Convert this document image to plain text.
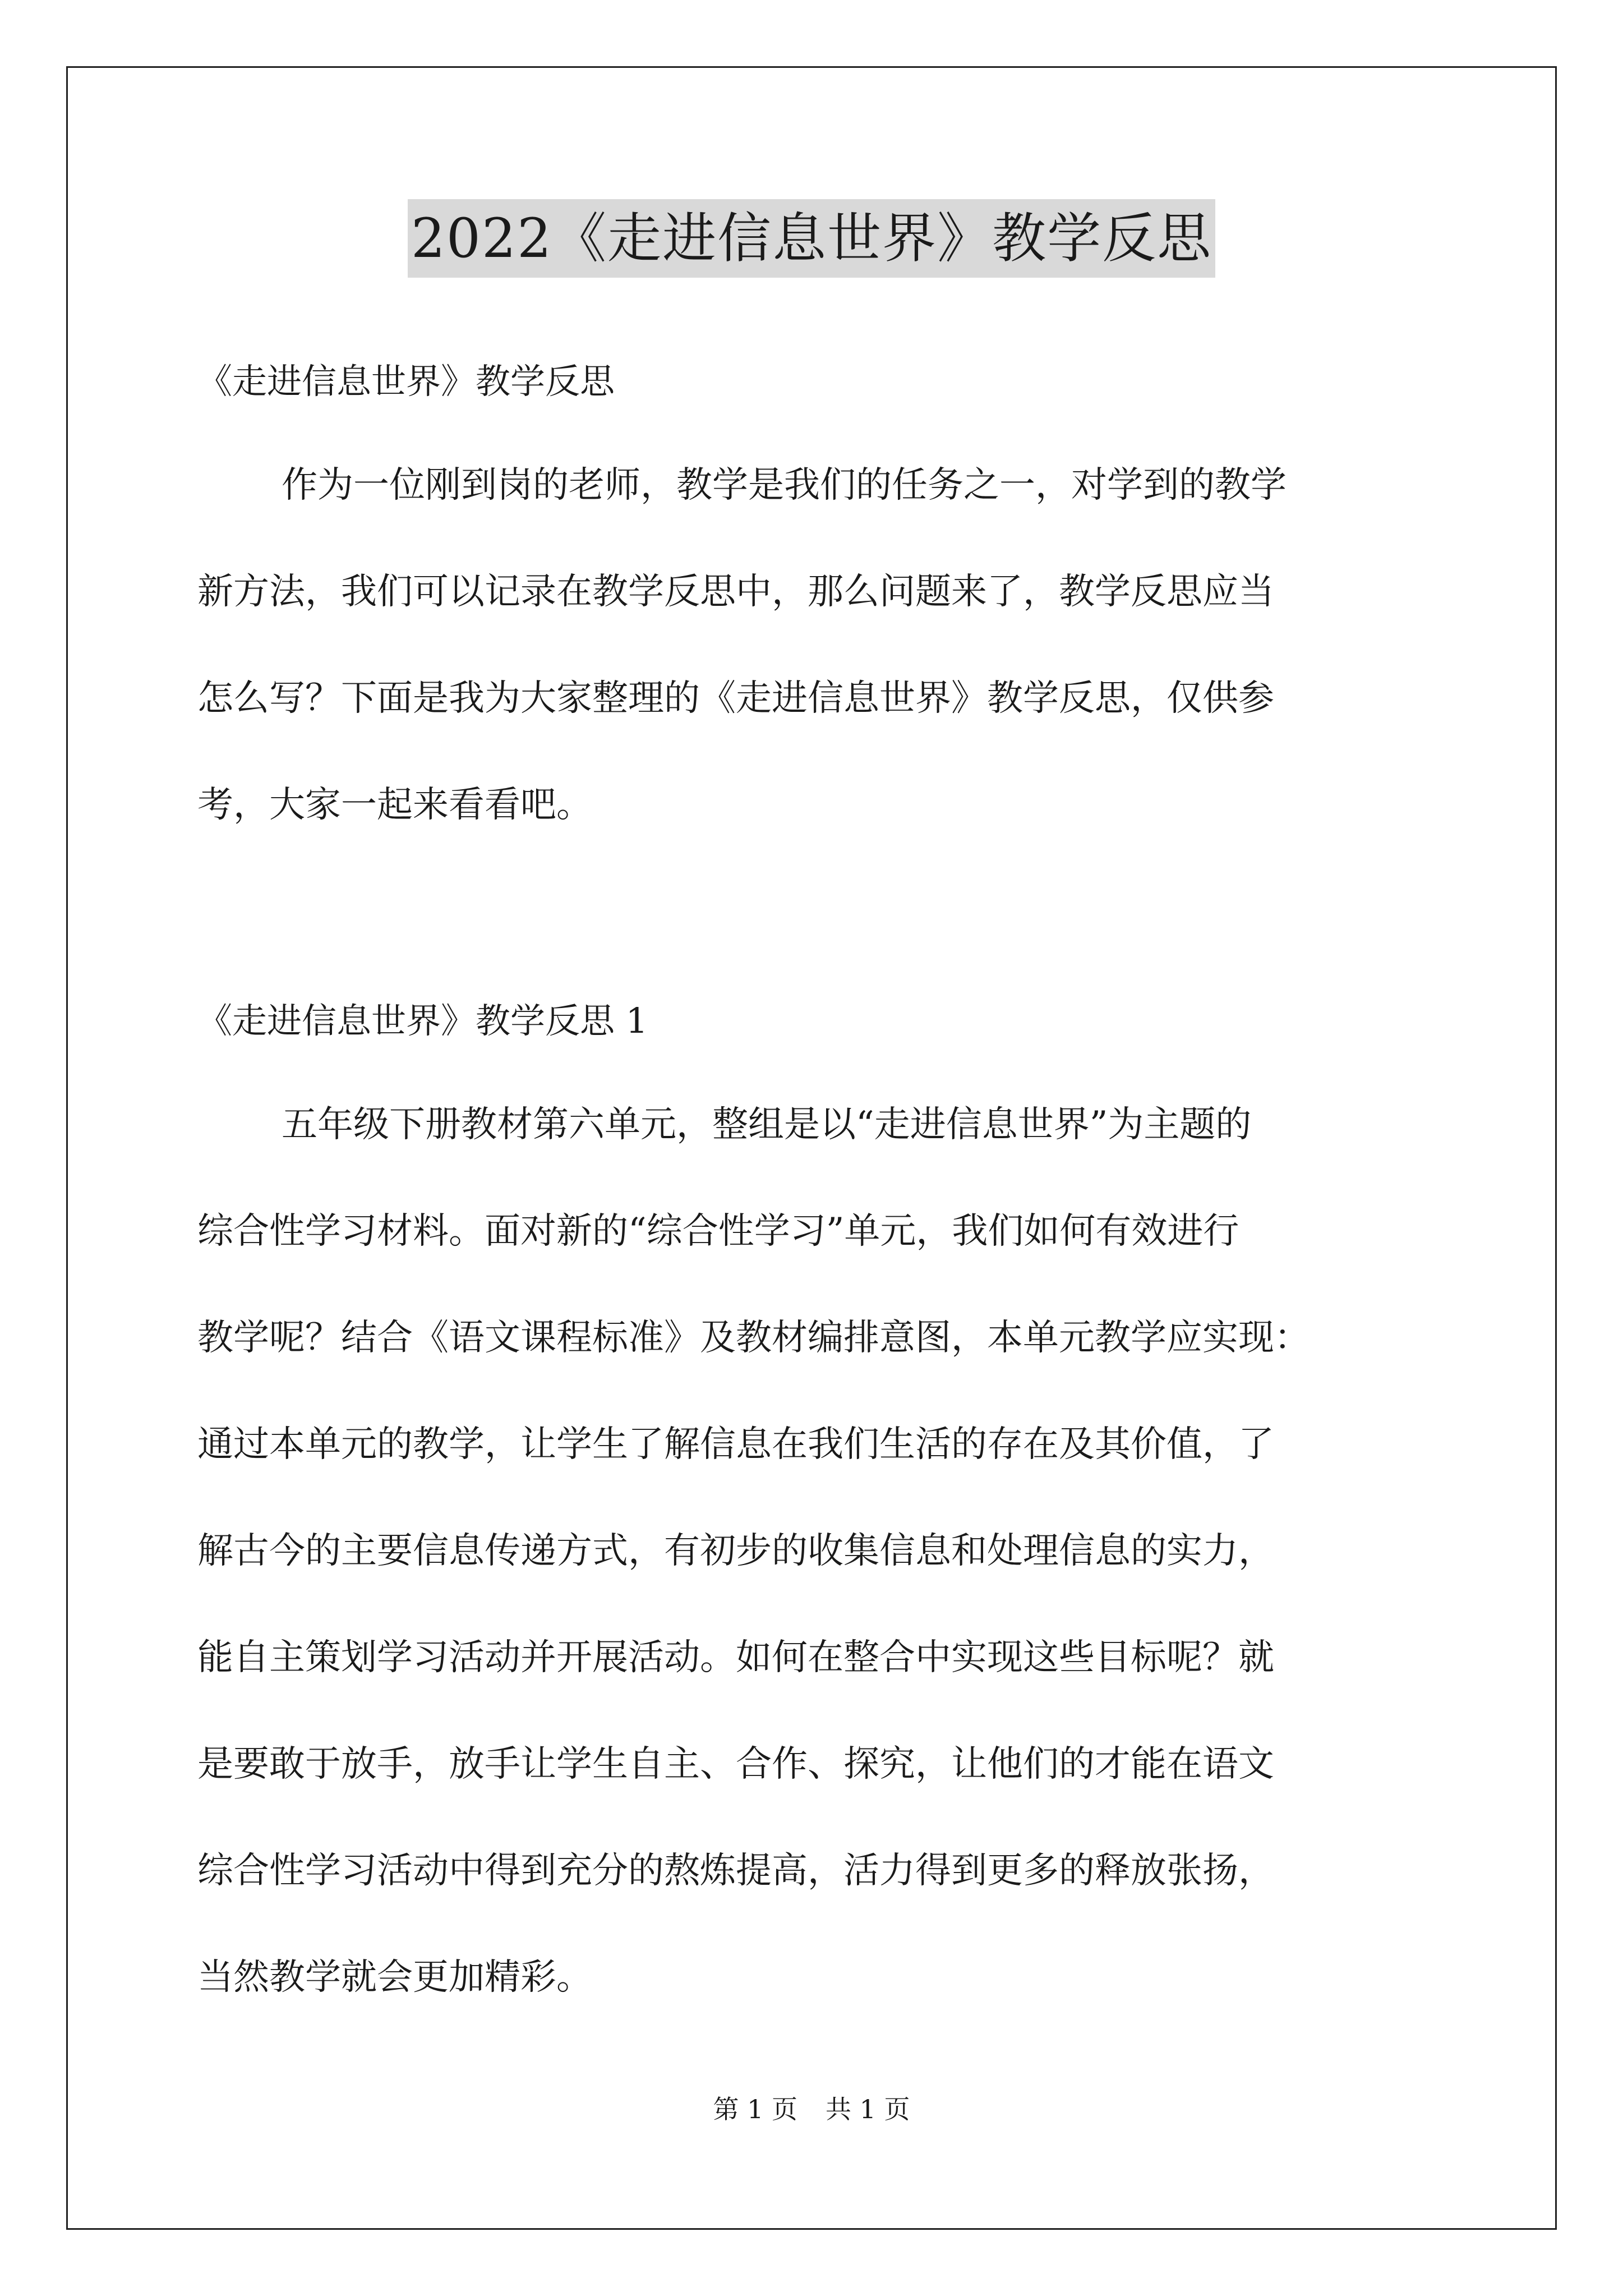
2022《走进信息世界》教学反思
《走进信息世界》教学反思
作为一位刚到岗的老师，教学是我们的任务之一，对学到的教学
新方法，我们可以记录在教学反思中，那么问题来了，教学反思应当
怎么写？下面是我为大家整理的《走进信息世界》教学反思，仅供参
考，大家一起来看看吧。
《走进信息世界》教学反思 1
五年级下册教材第六单元，整组是以“走进信息世界”为主题的
综合性学习材料。面对新的“综合性学习”单元，我们如何有效进行
教学呢？结合《语文课程标准》及教材编排意图，本单元教学应实现：
通过本单元的教学，让学生了解信息在我们生活的存在及其价值，了
解古今的主要信息传递方式，有初步的收集信息和处理信息的实力，
能自主策划学习活动并开展活动。如何在整合中实现这些目标呢？就
是要敢于放手，放手让学生自主、合作、探究，让他们的才能在语文
综合性学习活动中得到充分的熬炼提高，活力得到更多的释放张扬，
当然教学就会更加精彩。
第 1 页 共 1 页
